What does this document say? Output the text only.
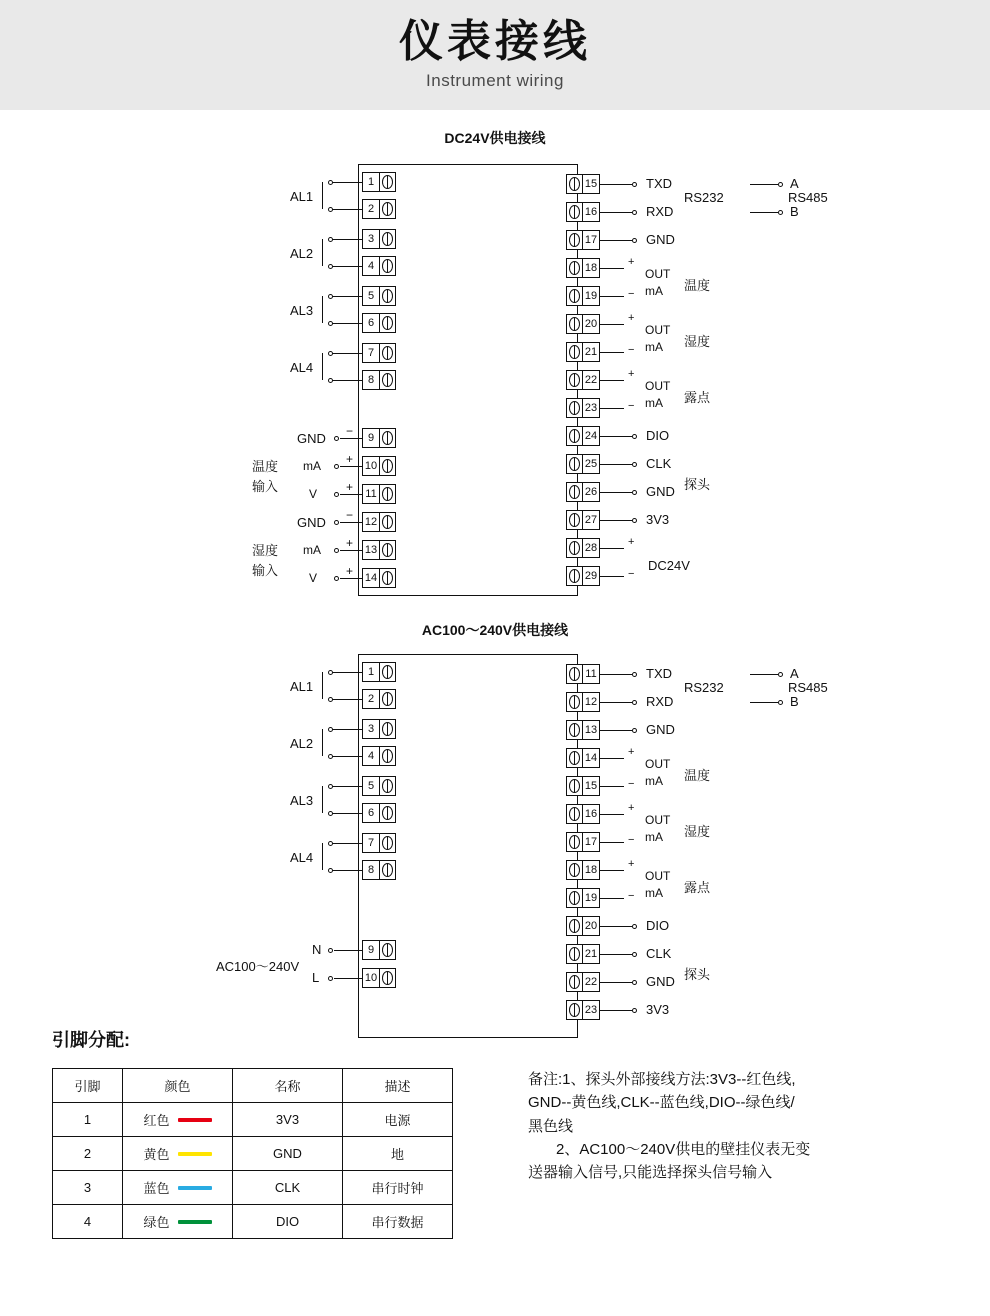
仪表接线
Instrument wiring
DC24V供电接线
1
2
3
4
5
6
7
8
9
10
11
12
13
14
AL1
AL2
AL3
AL4
−
GND
+
mA
+
V
−
GND
+
mA
+
V
温度
输入
湿度
输入
15
16
17
18
19
20
21
22
23
24
25
26
27
28
29
TXD
RXD
RS232
GND
A
B
RS485
+
−
OUT
mA 温度
+
−
OUT
mA 湿度
+
−
OUT
mA 露点
DIO
CLK
GND
3V3
探头
+
−
DC24V
AC100～240V供电接线
1
2
3
4
5
6
7
8
9
10
AL1
AL2
AL3
AL4
N
L
AC100～240V
11
12
13
14
15
16
17
18
19
20
21
22
23
TXD
RXD
RS232
GND
A
B
RS485
+
−
OUT
mA 温度
+
−
OUT
mA 湿度
+
−
OUT
mA 露点
DIO
CLK
GND
3V3
探头
引脚分配:
引脚	颜色	名称	描述
1	红色	3V3	电源
2	黄色	GND	地
3	蓝色	CLK	串行时钟
4	绿色	DIO	串行数据

备注:1、探头外部接线方法:3V3--红色线,

GND--黄色线,CLK--蓝色线,DIO--绿色线/

黑色线

2、AC100～240V供电的壁挂仪表无变

送器输入信号,只能选择探头信号输入
